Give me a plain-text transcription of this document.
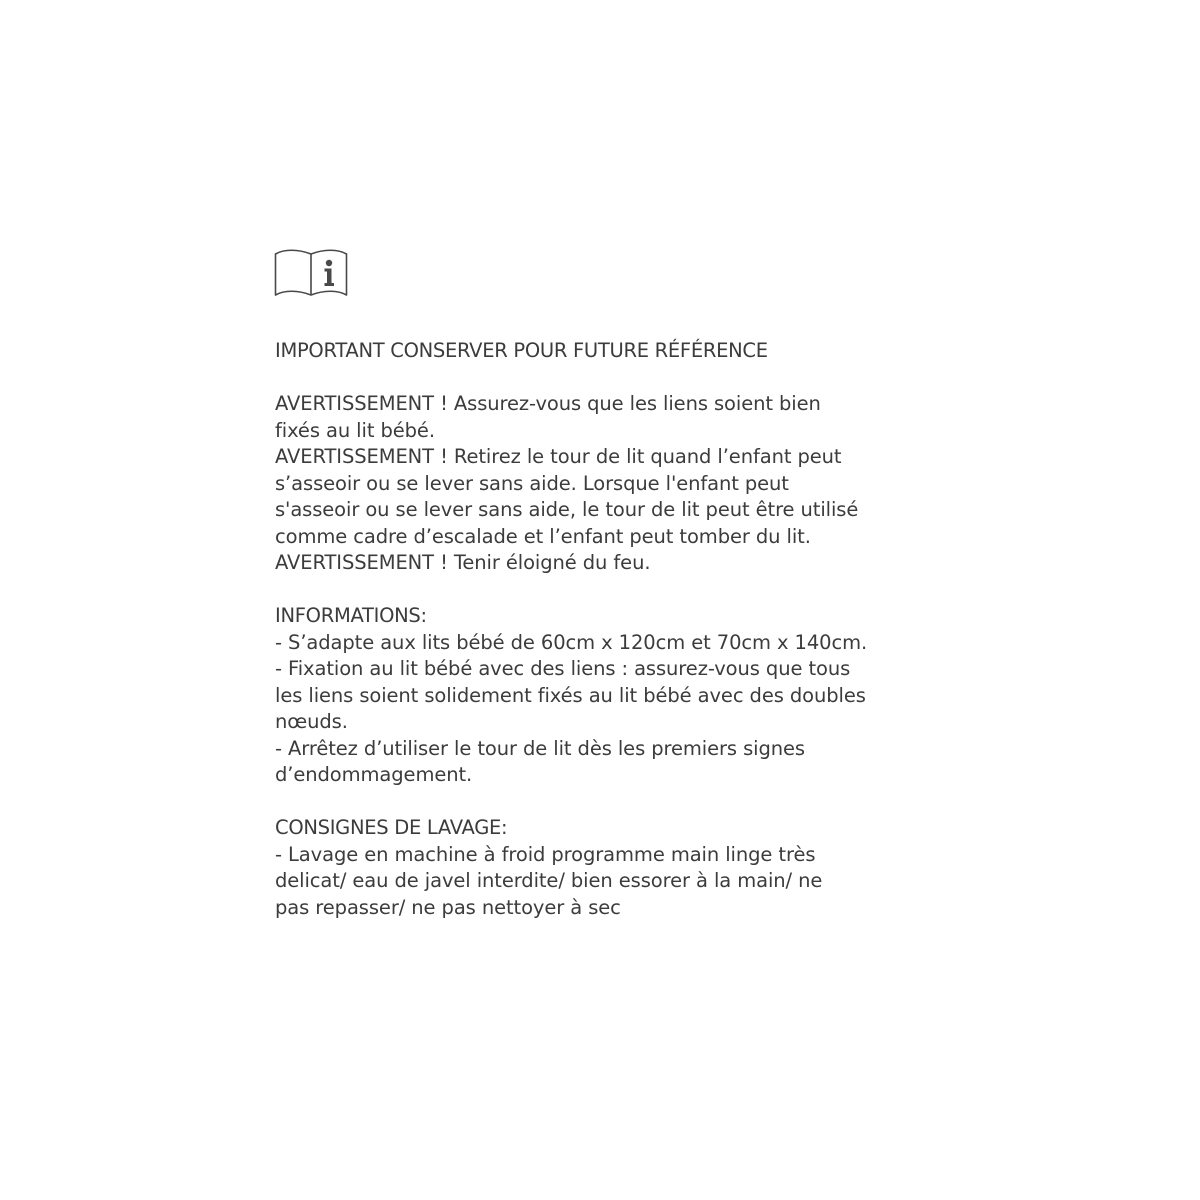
IMPORTANT CONSERVER POUR FUTURE RÉFÉRENCE

AVERTISSEMENT ! Assurez-vous que les liens soient bien
fixés au lit bébé.
AVERTISSEMENT ! Retirez le tour de lit quand l’enfant peut
s’asseoir ou se lever sans aide. Lorsque l'enfant peut
s'asseoir ou se lever sans aide, le tour de lit peut être utilisé
comme cadre d’escalade et l’enfant peut tomber du lit.
AVERTISSEMENT ! Tenir éloigné du feu.
INFORMATIONS:
- S’adapte aux lits bébé de 60cm x 120cm et 70cm x 140cm.
- Fixation au lit bébé avec des liens : assurez-vous que tous
les liens soient solidement fixés au lit bébé avec des doubles
nœuds.
- Arrêtez d’utiliser le tour de lit dès les premiers signes
d’endommagement.
CONSIGNES DE LAVAGE:
- Lavage en machine à froid programme main linge très
delicat/ eau de javel interdite/ bien essorer à la main/ ne
pas repasser/ ne pas nettoyer à sec
